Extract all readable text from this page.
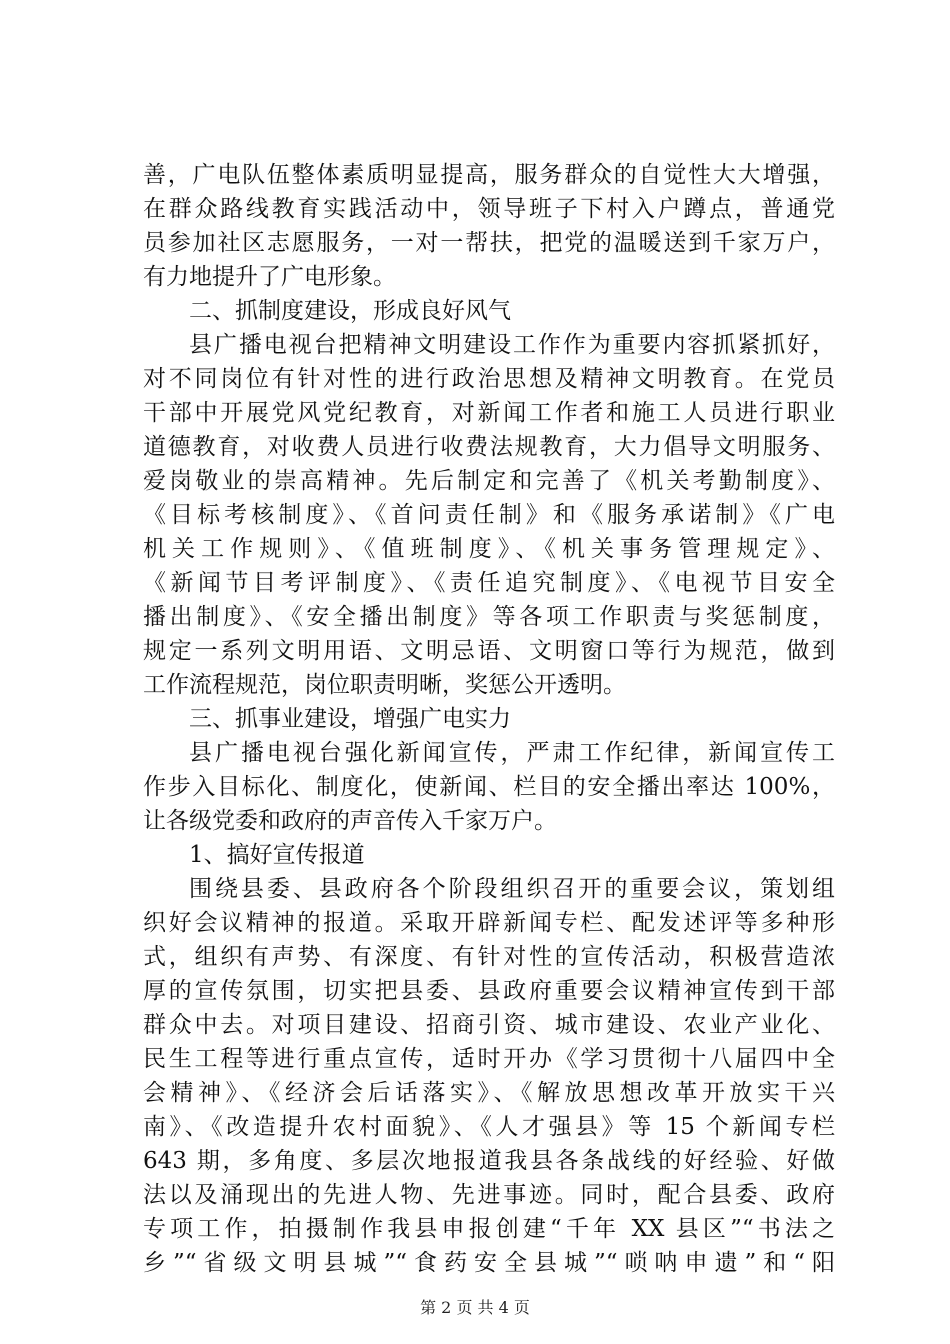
善，广电队伍整体素质明显提高，服务群众的自觉性大大增强，
在群众路线教育实践活动中，领导班子下村入户蹲点，普通党
员参加社区志愿服务，一对一帮扶，把党的温暖送到千家万户，
有力地提升了广电形象。
二、抓制度建设，形成良好风气
县广播电视台把精神文明建设工作作为重要内容抓紧抓好，
对不同岗位有针对性的进行政治思想及精神文明教育。在党员
干部中开展党风党纪教育，对新闻工作者和施工人员进行职业
道德教育，对收费人员进行收费法规教育，大力倡导文明服务、
爱岗敬业的崇高精神。先后制定和完善了《机关考勤制度》、
《目标考核制度》、《首问责任制》和《服务承诺制》《广电
机关工作规则》、《值班制度》、《机关事务管理规定》、
《新闻节目考评制度》、《责任追究制度》、《电视节目安全
播出制度》、《安全播出制度》等各项工作职责与奖惩制度，
规定一系列文明用语、文明忌语、文明窗口等行为规范，做到
工作流程规范，岗位职责明晰，奖惩公开透明。
三、抓事业建设，增强广电实力
县广播电视台强化新闻宣传，严肃工作纪律，新闻宣传工
作步入目标化、制度化，使新闻、栏目的安全播出率达 100%，
让各级党委和政府的声音传入千家万户。
1、搞好宣传报道
围绕县委、县政府各个阶段组织召开的重要会议，策划组
织好会议精神的报道。采取开辟新闻专栏、配发述评等多种形
式，组织有声势、有深度、有针对性的宣传活动，积极营造浓
厚的宣传氛围，切实把县委、县政府重要会议精神宣传到干部
群众中去。对项目建设、招商引资、城市建设、农业产业化、
民生工程等进行重点宣传，适时开办《学习贯彻十八届四中全
会精神》、《经济会后话落实》、《解放思想改革开放实干兴
南》、《改造提升农村面貌》、《人才强县》等 15 个新闻专栏
643 期，多角度、多层次地报道我县各条战线的好经验、好做
法以及涌现出的先进人物、先进事迹。同时，配合县委、政府
专项工作，拍摄制作我县申报创建“千年 XX 县区”“书法之
乡”“省级文明县城”“食药安全县城”“唢呐申遗”和“阳
第 2 页 共 4 页
